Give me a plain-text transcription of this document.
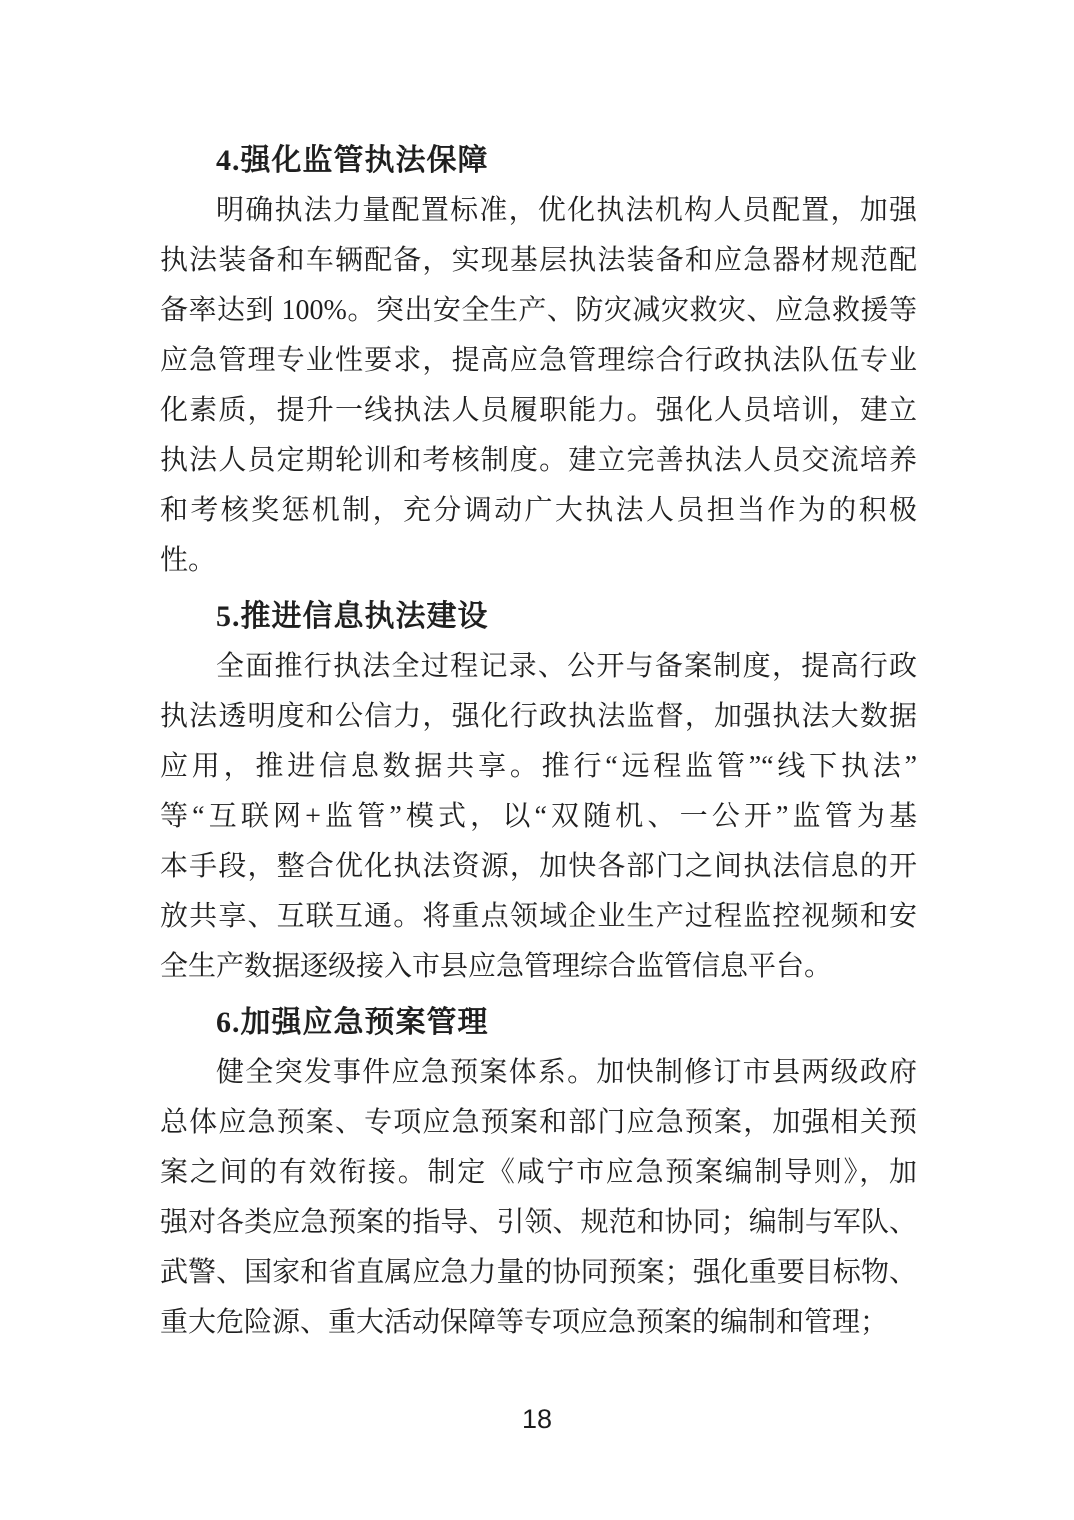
4.强化监管执法保障
明确执法力量配置标准，优化执法机构人员配置，加强
执法装备和车辆配备，实现基层执法装备和应急器材规范配
备率达到 100%。突出安全生产、防灾减灾救灾、应急救援等
应急管理专业性要求，提高应急管理综合行政执法队伍专业
化素质，提升一线执法人员履职能力。强化人员培训，建立
执法人员定期轮训和考核制度。建立完善执法人员交流培养
和考核奖惩机制，充分调动广大执法人员担当作为的积极
性。
5.推进信息执法建设
全面推行执法全过程记录、公开与备案制度，提高行政
执法透明度和公信力，强化行政执法监督，加强执法大数据
应用，推进信息数据共享。推行“远程监管”“线下执法”
等“互联网+监管”模式，以“双随机、一公开”监管为基
本手段，整合优化执法资源，加快各部门之间执法信息的开
放共享、互联互通。将重点领域企业生产过程监控视频和安
全生产数据逐级接入市县应急管理综合监管信息平台。
6.加强应急预案管理
健全突发事件应急预案体系。加快制修订市县两级政府
总体应急预案、专项应急预案和部门应急预案，加强相关预
案之间的有效衔接。制定《咸宁市应急预案编制导则》，加
强对各类应急预案的指导、引领、规范和协同；编制与军队、
武警、国家和省直属应急力量的协同预案；强化重要目标物、
重大危险源、重大活动保障等专项应急预案的编制和管理；
18
